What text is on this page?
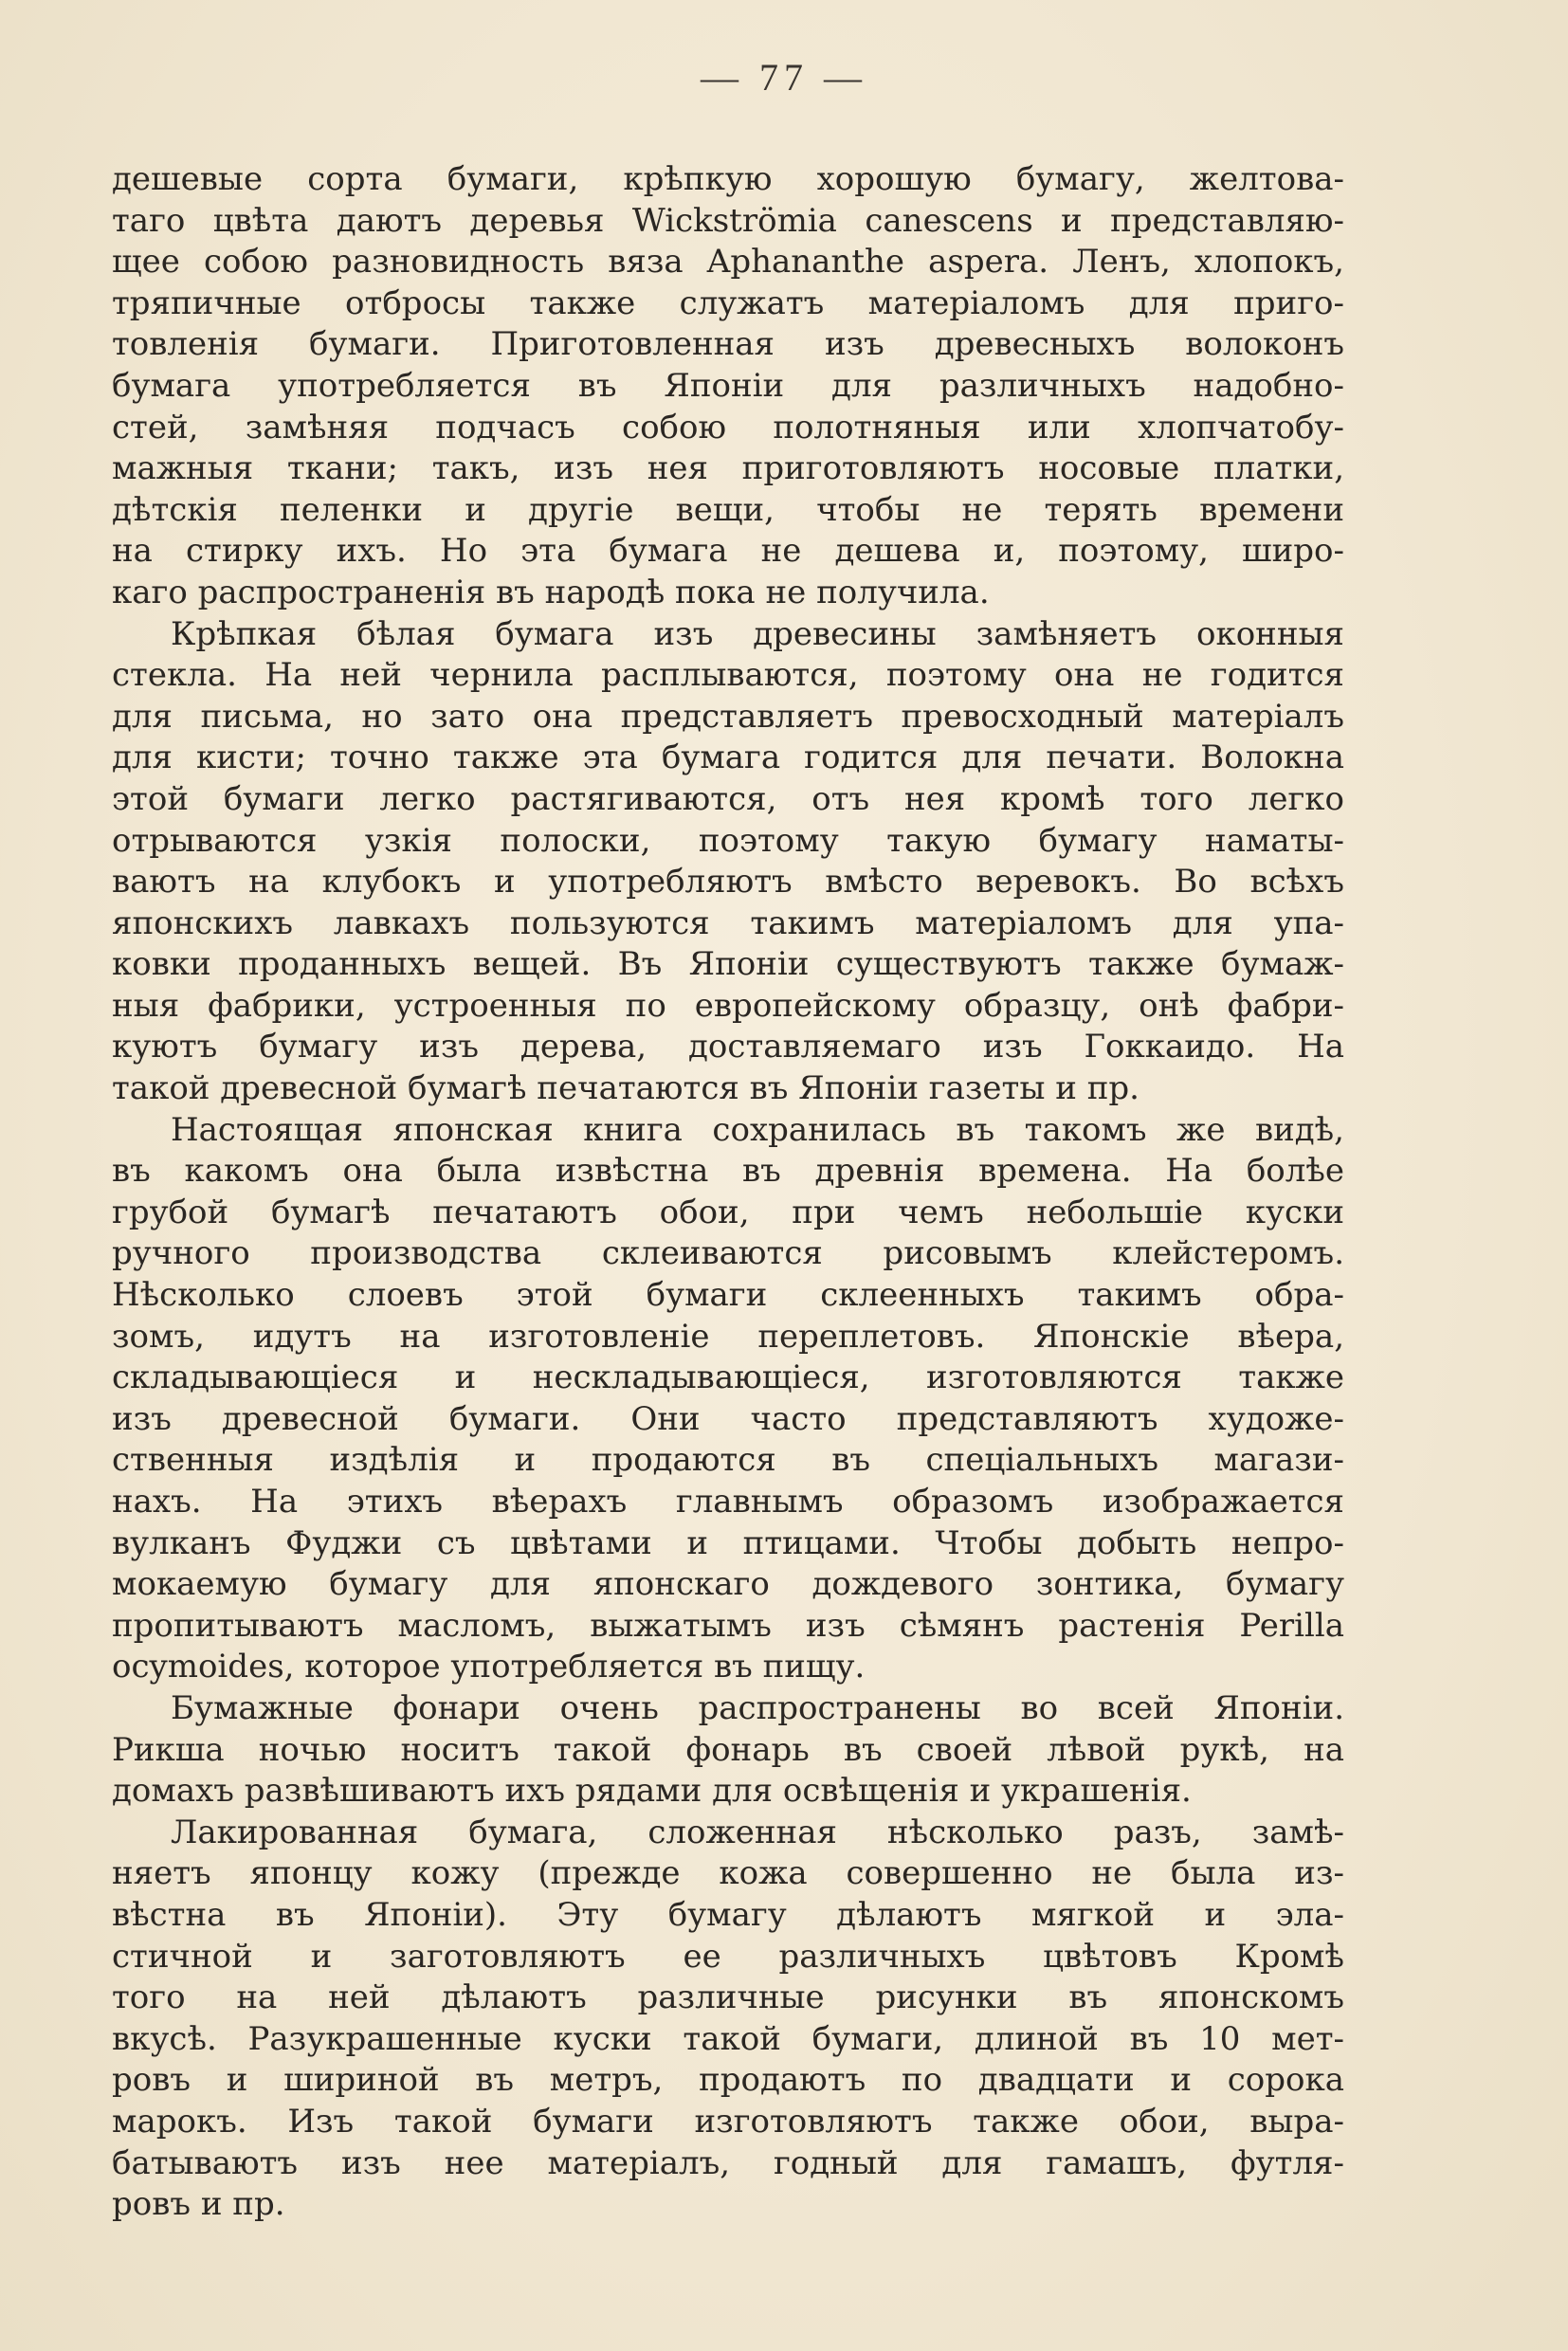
— 77 —
дешевые сорта бумаги, крѣпкую хорошую бумагу, желтова-
таго цвѣта даютъ деревья Wickströmia canescens и представляю-
щее собою разновидность вяза Aphananthe aspera. Ленъ, хлопокъ,
тряпичные отбросы также служатъ матеріаломъ для приго-
товленія бумаги. Приготовленная изъ древесныхъ волоконъ
бумага употребляется въ Японіи для различныхъ надобно-
стей, замѣняя подчасъ собою полотняныя или хлопчатобу-
мажныя ткани; такъ, изъ нея приготовляютъ носовые платки,
дѣтскія пеленки и другіе вещи, чтобы не терять времени
на стирку ихъ. Но эта бумага не дешева и, поэтому, широ-
каго распространенія въ народѣ пока не получила.
Крѣпкая бѣлая бумага изъ древесины замѣняетъ оконныя
стекла. На ней чернила расплываются, поэтому она не годится
для письма, но зато она представляетъ превосходный матеріалъ
для кисти; точно также эта бумага годится для печати. Волокна
этой бумаги легко растягиваются, отъ нея кромѣ того легко
отрываются узкія полоски, поэтому такую бумагу наматы-
ваютъ на клубокъ и употребляютъ вмѣсто веревокъ. Во всѣхъ
японскихъ лавкахъ пользуются такимъ матеріаломъ для упа-
ковки проданныхъ вещей. Въ Японіи существуютъ также бумаж-
ныя фабрики, устроенныя по европейскому образцу, онѣ фабри-
куютъ бумагу изъ дерева, доставляемаго изъ Гоккаидо. На
такой древесной бумагѣ печатаются въ Японіи газеты и пр.
Настоящая японская книга сохранилась въ такомъ же видѣ,
въ какомъ она была извѣстна въ древнія времена. На болѣе
грубой бумагѣ печатаютъ обои, при чемъ небольшіе куски
ручного производства склеиваются рисовымъ клейстеромъ.
Нѣсколько слоевъ этой бумаги склеенныхъ такимъ обра-
зомъ, идутъ на изготовленіе переплетовъ. Японскіе вѣера,
складывающіеся и нескладывающіеся, изготовляются также
изъ древесной бумаги. Они часто представляютъ художе-
ственныя издѣлія и продаются въ спеціальныхъ магази-
нахъ. На этихъ вѣерахъ главнымъ образомъ изображается
вулканъ Фуджи съ цвѣтами и птицами. Чтобы добыть непро-
мокаемую бумагу для японскаго дождевого зонтика, бумагу
пропитываютъ масломъ, выжатымъ изъ сѣмянъ растенія Perilla
ocymoides, которое употребляется въ пищу.
Бумажные фонари очень распространены во всей Японіи.
Рикша ночью носитъ такой фонарь въ своей лѣвой рукѣ, на
домахъ развѣшиваютъ ихъ рядами для освѣщенія и украшенія.
Лакированная бумага, сложенная нѣсколько разъ, замѣ-
няетъ японцу кожу (прежде кожа совершенно не была из-
вѣстна въ Японіи). Эту бумагу дѣлаютъ мягкой и эла-
стичной и заготовляютъ ее различныхъ цвѣтовъ Кромѣ
того на ней дѣлаютъ различные рисунки въ японскомъ
вкусѣ. Разукрашенные куски такой бумаги, длиной въ 10 мет-
ровъ и шириной въ метръ, продаютъ по двадцати и сорока
марокъ. Изъ такой бумаги изготовляютъ также обои, выра-
батываютъ изъ нее матеріалъ, годный для гамашъ, футля-
ровъ и пр.
